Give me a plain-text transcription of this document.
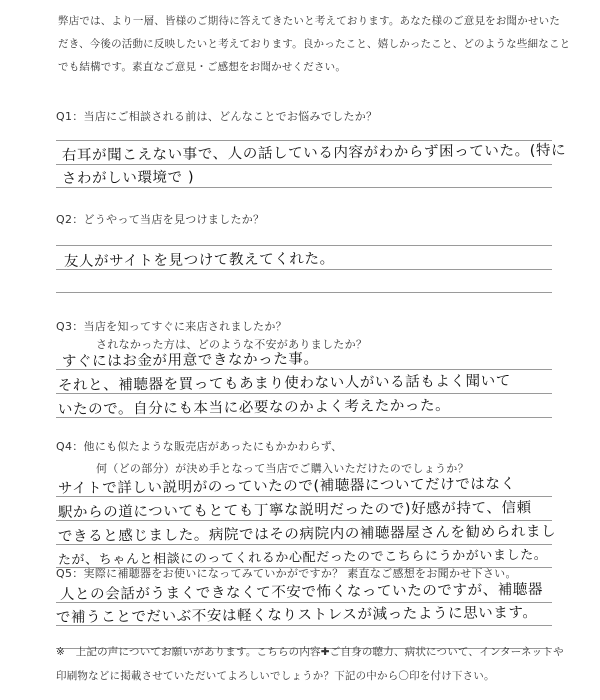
弊店では、より一層、皆様のご期待に答えてきたいと考えております。あなた様のご意見をお聞かせいた
だき、今後の活動に反映したいと考えております。良かったこと、嬉しかったこと、どのような些細なこと
でも結構です。素直なご意見・ご感想をお聞かせください。
Q1：当店にご相談される前は、どんなことでお悩みでしたか？
右耳が聞こえない事で、人の話している内容がわからず困っていた。(特に
さわがしい環境で )
Q2：どうやって当店を見つけましたか？
友人がサイトを見つけて教えてくれた。
Q3：当店を知ってすぐに来店されましたか？
されなかった方は、どのような不安がありましたか？
すぐにはお金が用意できなかった事。
それと、補聴器を買ってもあまり使わない人がいる話もよく聞いて
いたので。自分にも本当に必要なのかよく考えたかった。
Q4：他にも似たような販売店があったにもかかわらず、
何（どの部分）が決め手となって当店でご購入いただけたのでしょうか？
サイトで詳しい説明がのっていたので(補聴器についてだけではなく
駅からの道についてもとても丁寧な説明だったので)好感が持て、信頼
できると感じました。病院ではその病院内の補聴器屋さんを勧められまし
たが、ちゃんと相談にのってくれるか心配だったのでこちらにうかがいました。
Q5：実際に補聴器をお使いになってみていかがですか？ 素直なご感想をお聞かせ下さい。
人との会話がうまくできなくて不安で怖くなっていたのですが、補聴器
で補うことでだいぶ不安は軽くなりストレスが減ったように思います。
※　上記の声についてお願いがあります。こちらの内容✚ご自身の聴力、病状について、インターネットや
印刷物などに掲載させていただいてよろしいでしょうか？下記の中から〇印を付け下さい。
